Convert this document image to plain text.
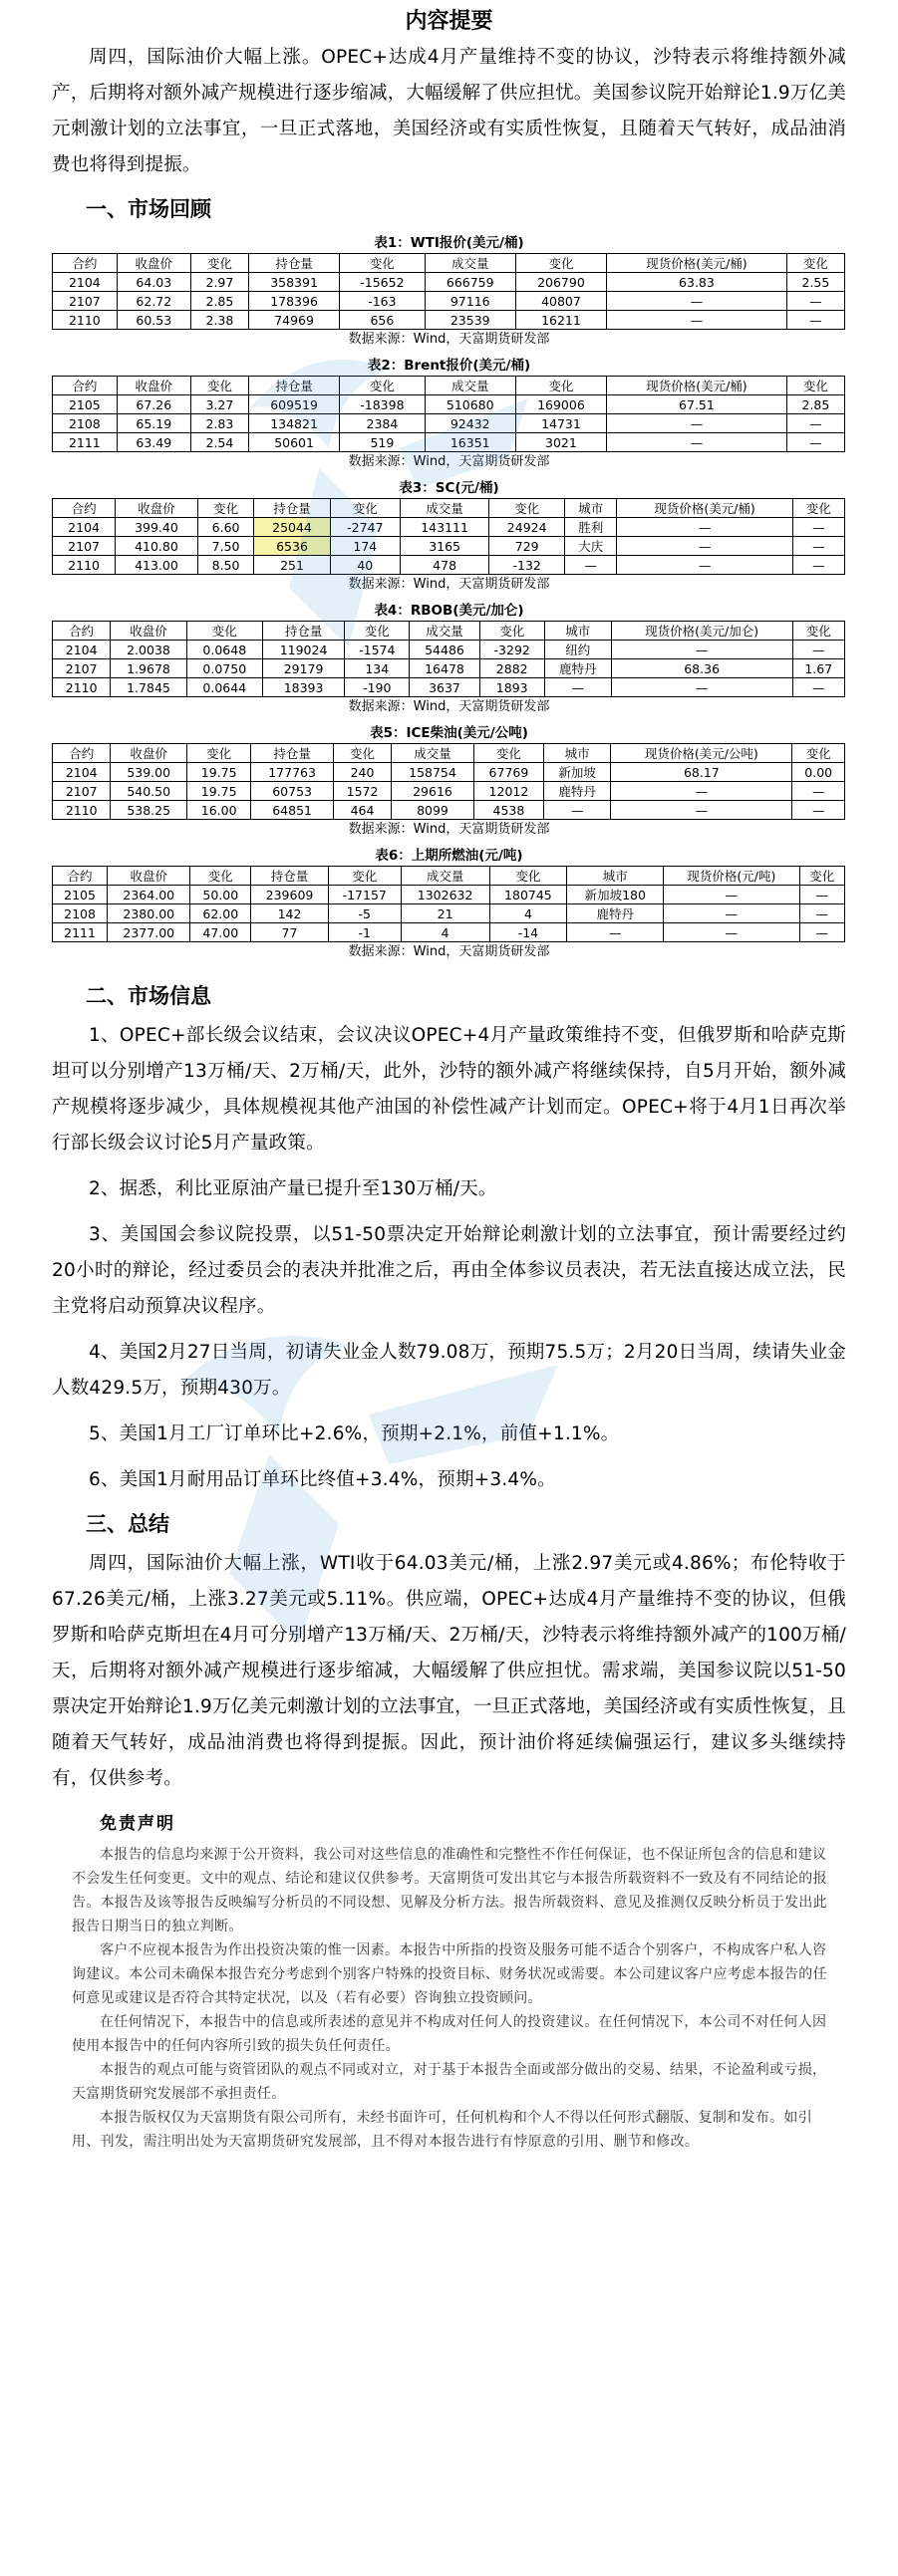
内容提要

周四，国际油价大幅上涨。OPEC+达成4月产量维持不变的协议，沙特表示将维持额外减产，后期将对额外减产规模进行逐步缩减，大幅缓解了供应担忧。美国参议院开始辩论1.9万亿美元刺激计划的立法事宜，一旦正式落地，美国经济或有实质性恢复，且随着天气转好，成品油消费也将得到提振。

一、市场回顾
表1：WTI报价(美元/桶)
合约	收盘价	变化	持仓量	变化	成交量	变化	现货价格(美元/桶)	变化
2104	64.03	2.97	358391	-15652	666759	206790	63.83	2.55
2107	62.72	2.85	178396	-163	97116	40807	—	—
2110	60.53	2.38	74969	656	23539	16211	—	—
数据来源：Wind，天富期货研发部
表2：Brent报价(美元/桶)
合约	收盘价	变化	持仓量	变化	成交量	变化	现货价格(美元/桶)	变化
2105	67.26	3.27	609519	-18398	510680	169006	67.51	2.85
2108	65.19	2.83	134821	2384	92432	14731	—	—
2111	63.49	2.54	50601	519	16351	3021	—	—
数据来源：Wind，天富期货研发部
表3：SC(元/桶)
合约	收盘价	变化	持仓量	变化	成交量	变化	城市	现货价格(美元/桶)	变化
2104	399.40	6.60	25044	-2747	143111	24924	胜利	—	—
2107	410.80	7.50	6536	174	3165	729	大庆	—	—
2110	413.00	8.50	251	40	478	-132	—	—	—
数据来源：Wind，天富期货研发部
表4：RBOB(美元/加仑)
合约	收盘价	变化	持仓量	变化	成交量	变化	城市	现货价格(美元/加仑)	变化
2104	2.0038	0.0648	119024	-1574	54486	-3292	纽约	—	—
2107	1.9678	0.0750	29179	134	16478	2882	鹿特丹	68.36	1.67
2110	1.7845	0.0644	18393	-190	3637	1893	—	—	—
数据来源：Wind，天富期货研发部
表5：ICE柴油(美元/公吨)
合约	收盘价	变化	持仓量	变化	成交量	变化	城市	现货价格(美元/公吨)	变化
2104	539.00	19.75	177763	240	158754	67769	新加坡	68.17	0.00
2107	540.50	19.75	60753	1572	29616	12012	鹿特丹	—	—
2110	538.25	16.00	64851	464	8099	4538	—	—	—
数据来源：Wind，天富期货研发部
表6：上期所燃油(元/吨)
合约	收盘价	变化	持仓量	变化	成交量	变化	城市	现货价格(元/吨)	变化
2105	2364.00	50.00	239609	-17157	1302632	180745	新加坡180	—	—
2108	2380.00	62.00	142	-5	21	4	鹿特丹	—	—
2111	2377.00	47.00	77	-1	4	-14	—	—	—
数据来源：Wind，天富期货研发部
二、市场信息

1、OPEC+部长级会议结束，会议决议OPEC+4月产量政策维持不变，但俄罗斯和哈萨克斯坦可以分别增产13万桶/天、2万桶/天，此外，沙特的额外减产将继续保持，自5月开始，额外减产规模将逐步减少，具体规模视其他产油国的补偿性减产计划而定。OPEC+将于4月1日再次举行部长级会议讨论5月产量政策。

2、据悉，利比亚原油产量已提升至130万桶/天。

3、美国国会参议院投票，以51-50票决定开始辩论刺激计划的立法事宜，预计需要经过约20小时的辩论，经过委员会的表决并批准之后，再由全体参议员表决，若无法直接达成立法，民主党将启动预算决议程序。

4、美国2月27日当周，初请失业金人数79.08万，预期75.5万；2月20日当周，续请失业金人数429.5万，预期430万。

5、美国1月工厂订单环比+2.6%，预期+2.1%，前值+1.1%。

6、美国1月耐用品订单环比终值+3.4%，预期+3.4%。

三、总结

周四，国际油价大幅上涨，WTI收于64.03美元/桶，上涨2.97美元或4.86%；布伦特收于67.26美元/桶，上涨3.27美元或5.11%。供应端，OPEC+达成4月产量维持不变的协议，但俄罗斯和哈萨克斯坦在4月可分别增产13万桶/天、2万桶/天，沙特表示将维持额外减产的100万桶/天，后期将对额外减产规模进行逐步缩减，大幅缓解了供应担忧。需求端，美国参议院以51-50票决定开始辩论1.9万亿美元刺激计划的立法事宜，一旦正式落地，美国经济或有实质性恢复，且随着天气转好，成品油消费也将得到提振。因此，预计油价将延续偏强运行，建议多头继续持有，仅供参考。

免责声明

本报告的信息均来源于公开资料，我公司对这些信息的准确性和完整性不作任何保证，也不保证所包含的信息和建议不会发生任何变更。文中的观点、结论和建议仅供参考。天富期货可发出其它与本报告所载资料不一致及有不同结论的报告。本报告及该等报告反映编写分析员的不同设想、见解及分析方法。报告所载资料、意见及推测仅反映分析员于发出此报告日期当日的独立判断。

客户不应视本报告为作出投资决策的惟一因素。本报告中所指的投资及服务可能不适合个别客户，不构成客户私人咨询建议。本公司未确保本报告充分考虑到个别客户特殊的投资目标、财务状况或需要。本公司建议客户应考虑本报告的任何意见或建议是否符合其特定状况，以及（若有必要）咨询独立投资顾问。

在任何情况下，本报告中的信息或所表述的意见并不构成对任何人的投资建议。在任何情况下，本公司不对任何人因使用本报告中的任何内容所引致的损失负任何责任。

本报告的观点可能与资管团队的观点不同或对立，对于基于本报告全面或部分做出的交易、结果，不论盈利或亏损，天富期货研究发展部不承担责任。

本报告版权仅为天富期货有限公司所有，未经书面许可，任何机构和个人不得以任何形式翻版、复制和发布。如引用、刊发，需注明出处为天富期货研究发展部，且不得对本报告进行有悖原意的引用、删节和修改。
